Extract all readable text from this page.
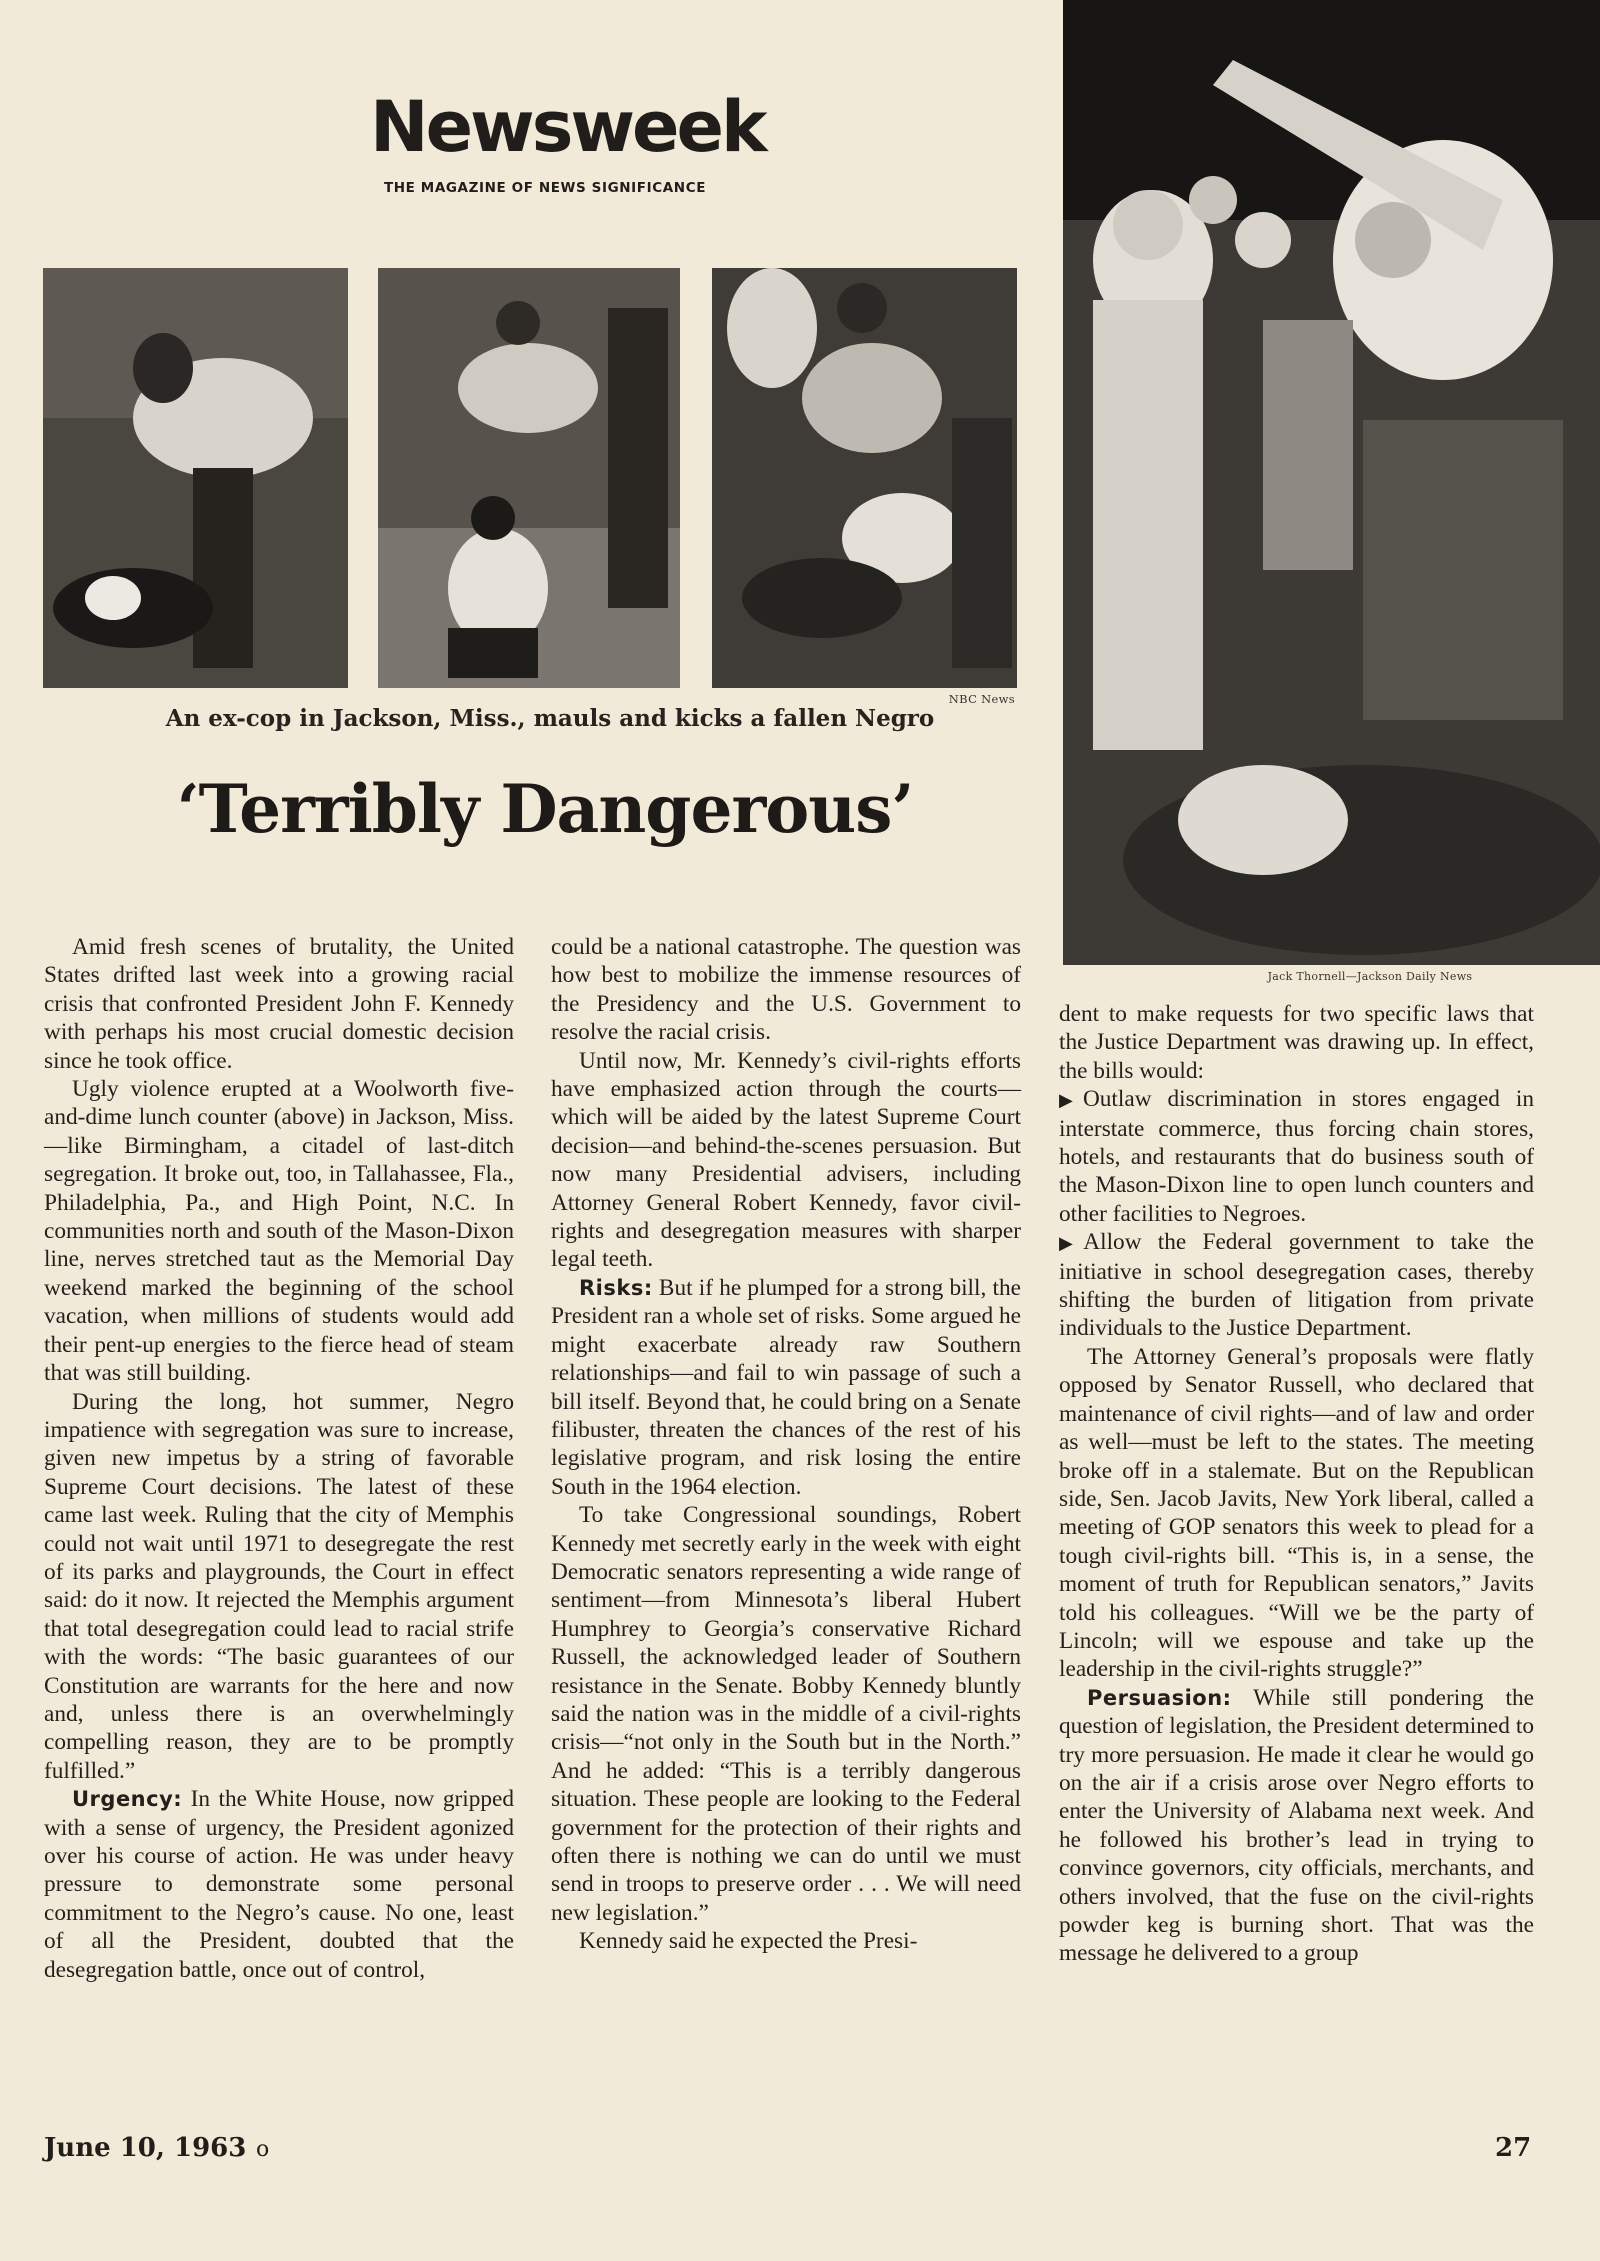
Newsweek
THE MAGAZINE OF NEWS SIGNIFICANCE
NBC News
An ex-cop in Jackson, Miss., mauls and kicks a fallen Negro
Jack Thornell—Jackson Daily News
‘Terribly Dangerous’

Amid fresh scenes of brutality, the United States drifted last week into a growing racial crisis that confronted President John F. Kennedy with perhaps his most crucial domestic decision since he took office.

Ugly violence erupted at a Woolworth five-and-dime lunch counter (above) in Jackson, Miss.—like Birmingham, a citadel of last-ditch segregation. It broke out, too, in Tallahassee, Fla., Philadelphia, Pa., and High Point, N.C. In communities north and south of the Mason-Dixon line, nerves stretched taut as the Memorial Day weekend marked the beginning of the school vacation, when millions of students would add their pent-up energies to the fierce head of steam that was still building.

During the long, hot summer, Negro impatience with segregation was sure to increase, given new impetus by a string of favorable Supreme Court decisions. The latest of these came last week. Ruling that the city of Memphis could not wait until 1971 to desegregate the rest of its parks and playgrounds, the Court in effect said: do it now. It rejected the Memphis argument that total desegregation could lead to racial strife with the words: “The basic guarantees of our Constitution are warrants for the here and now and, unless there is an overwhelmingly compelling reason, they are to be promptly fulfilled.”

Urgency: In the White House, now gripped with a sense of urgency, the President agonized over his course of action. He was under heavy pressure to demonstrate some personal commitment to the Negro’s cause. No one, least of all the President, doubted that the desegregation battle, once out of control,

could be a national catastrophe. The question was how best to mobilize the immense resources of the Presidency and the U.S. Government to resolve the racial crisis.

Until now, Mr. Kennedy’s civil-rights efforts have emphasized action through the courts—which will be aided by the latest Supreme Court decision—and behind-the-scenes persuasion. But now many Presidential advisers, including Attorney General Robert Kennedy, favor civil-rights and desegregation measures with sharper legal teeth.

Risks: But if he plumped for a strong bill, the President ran a whole set of risks. Some argued he might exacerbate already raw Southern relationships—and fail to win passage of such a bill itself. Beyond that, he could bring on a Senate filibuster, threaten the chances of the rest of his legislative program, and risk losing the entire South in the 1964 election.

To take Congressional soundings, Robert Kennedy met secretly early in the week with eight Democratic senators representing a wide range of sentiment—from Minnesota’s liberal Hubert Humphrey to Georgia’s conservative Richard Russell, the acknowledged leader of Southern resistance in the Senate. Bobby Kennedy bluntly said the nation was in the middle of a civil-rights crisis—“not only in the South but in the North.” And he added: “This is a terribly dangerous situation. These people are looking to the Federal government for the protection of their rights and often there is nothing we can do until we must send in troops to preserve order . . . We will need new legislation.”

Kennedy said he expected the Presi-

dent to make requests for two specific laws that the Justice Department was drawing up. In effect, the bills would:

▶Outlaw discrimination in stores engaged in interstate commerce, thus forcing chain stores, hotels, and restaurants that do business south of the Mason-Dixon line to open lunch counters and other facilities to Negroes.

▶Allow the Federal government to take the initiative in school desegregation cases, thereby shifting the burden of litigation from private individuals to the Justice Department.

The Attorney General’s proposals were flatly opposed by Senator Russell, who declared that maintenance of civil rights—and of law and order as well—must be left to the states. The meeting broke off in a stalemate. But on the Republican side, Sen. Jacob Javits, New York liberal, called a meeting of GOP senators this week to plead for a tough civil-rights bill. “This is, in a sense, the moment of truth for Republican senators,” Javits told his colleagues. “Will we be the party of Lincoln; will we espouse and take up the leadership in the civil-rights struggle?”

Persuasion: While still pondering the question of legislation, the President determined to try more persuasion. He made it clear he would go on the air if a crisis arose over Negro efforts to enter the University of Alabama next week. And he followed his brother’s lead in trying to convince governors, city officials, merchants, and others involved, that the fuse on the civil-rights powder keg is burning short. That was the message he delivered to a group

June 10, 1963 o	27
